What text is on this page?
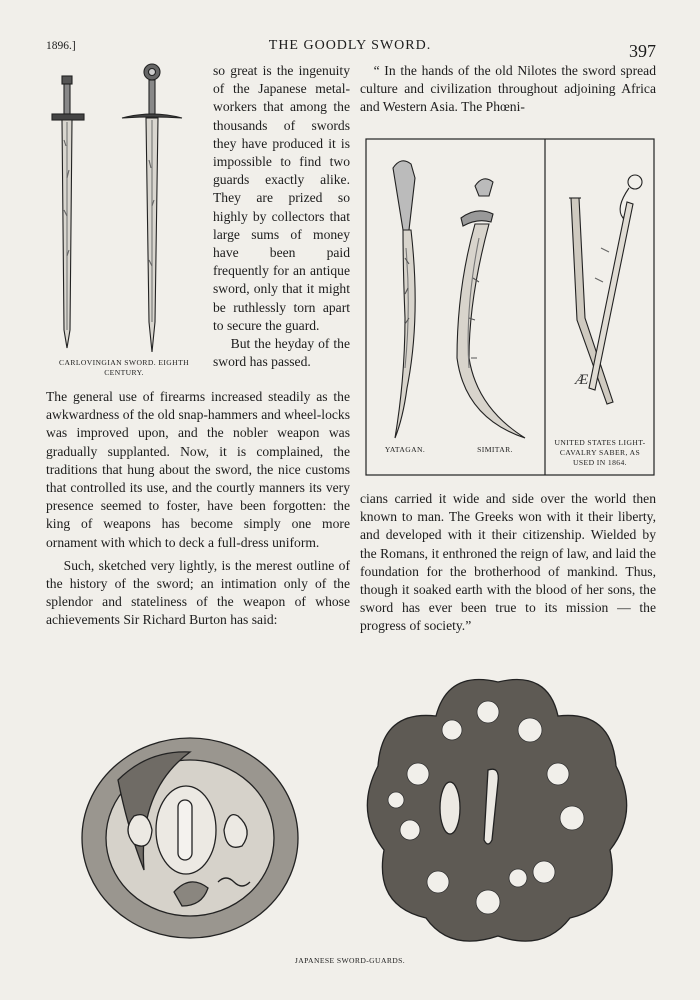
1896.]	THE GOODLY SWORD.	397
CARLOVINGIAN SWORD. EIGHTH
CENTURY.

so great is the ingenuity of the Japanese metal-workers that among the thousands of swords they have produced it is impossible to find two guards exactly alike. They are prized so highly by collectors that large sums of money have been paid frequently for an antique sword, only that it might be ruthlessly torn apart to secure the guard.

But the heyday of the sword has passed.

The general use of firearms increased steadily as the awkwardness of the old snap-hammers and wheel-locks was improved upon, and the nobler weapon was gradually supplanted. Now, it is complained, the traditions that hung about the sword, the nice customs that controlled its use, and the courtly manners its very presence seemed to foster, have been forgotten: the king of weapons has become simply one more ornament with which to deck a full-dress uniform.

Such, sketched very lightly, is the merest outline of the history of the sword; an intimation only of the splendor and stateliness of the weapon of whose achievements Sir Richard Burton has said:

“ In the hands of the old Nilotes the sword spread culture and civilization throughout adjoining Africa and Western Asia. The Phœni-

Æ
YATAGAN.	SIMITAR.
UNITED STATES LIGHT-
CAVALRY SABER, AS
USED IN 1864.

cians carried it wide and side over the world then known to man. The Greeks won with it their liberty, and developed with it their citizenship. Wielded by the Romans, it enthroned the reign of law, and laid the foundation for the brotherhood of mankind. Thus, though it soaked earth with the blood of her sons, the sword has ever been true to its mission — the progress of society.”

JAPANESE SWORD-GUARDS.
